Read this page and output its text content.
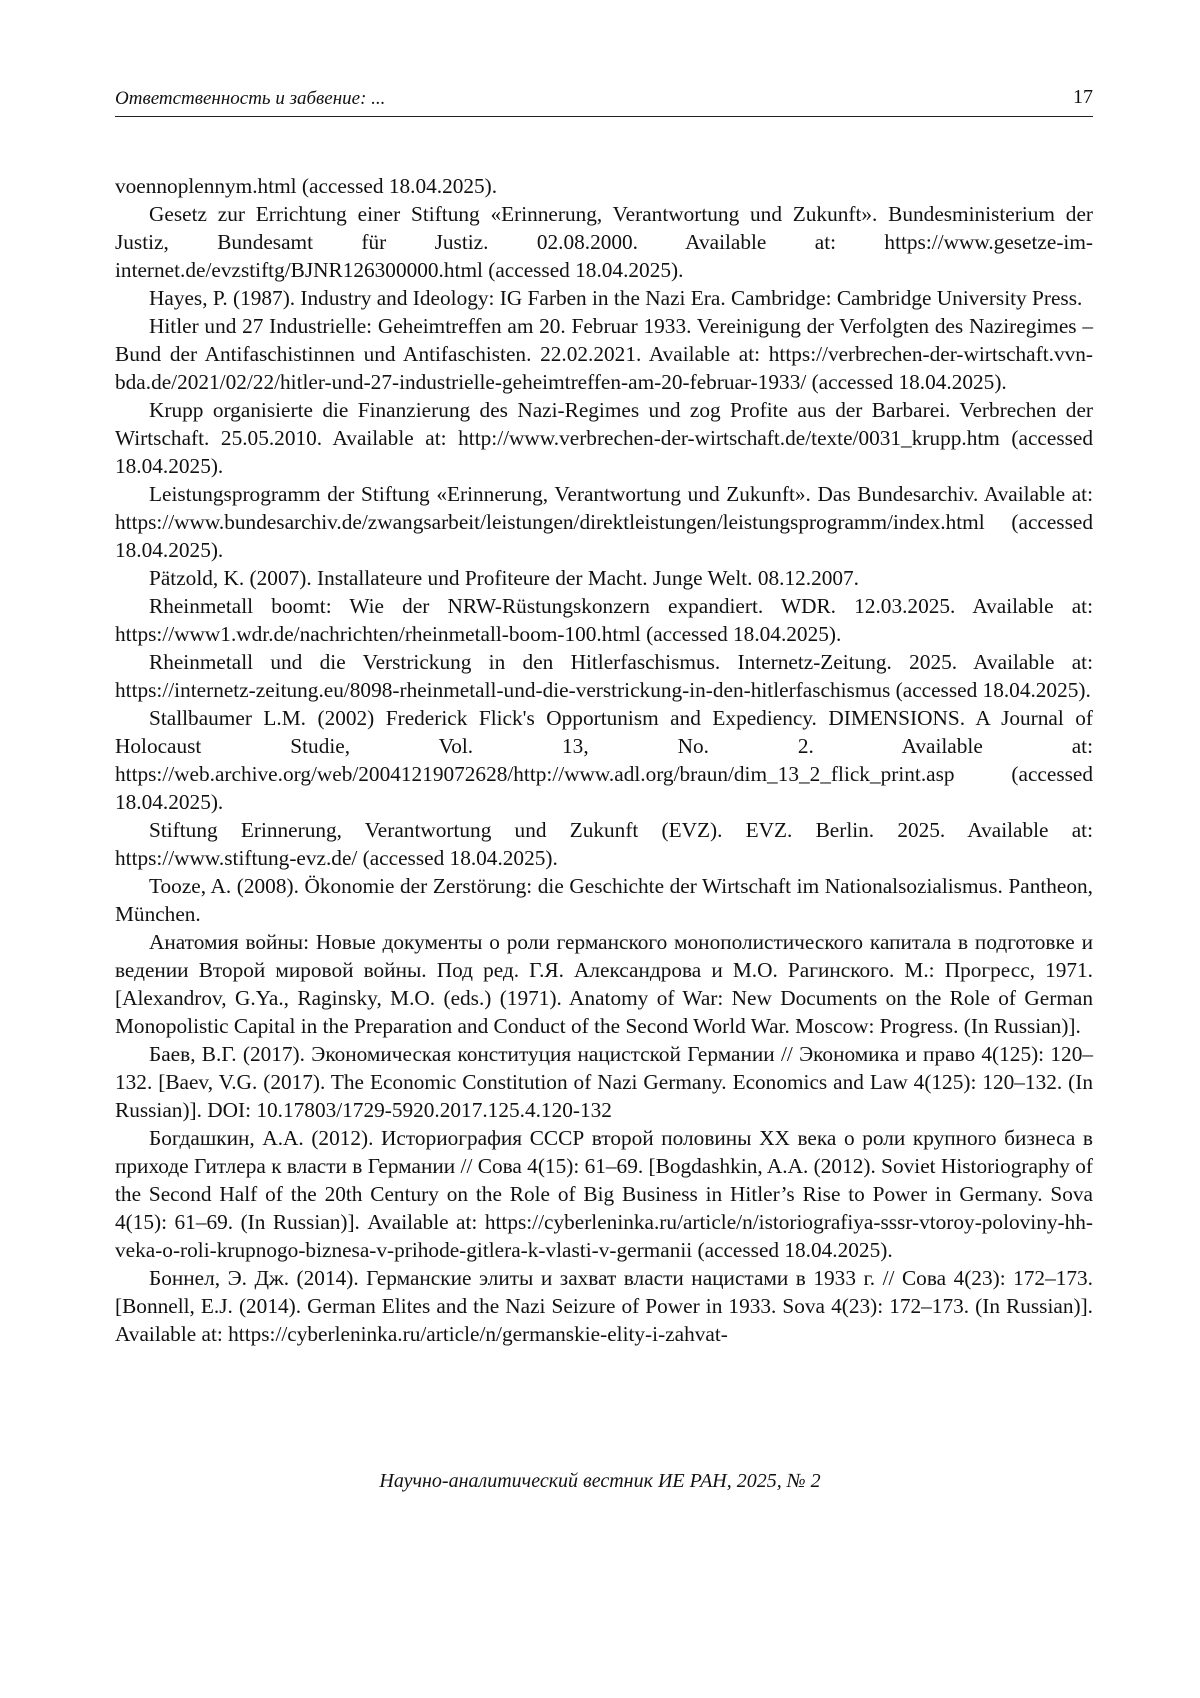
Ответственность и забвение: ...	17

voennoplennym.html (accessed 18.04.2025).

Gesetz zur Errichtung einer Stiftung «Erinnerung, Verantwortung und Zukunft». Bundesministerium der Justiz, Bundesamt für Justiz. 02.08.2000. Available at: https://www.gesetze-im-internet.de/evzstiftg/BJNR126300000.html (accessed 18.04.2025).

Hayes, P. (1987). Industry and Ideology: IG Farben in the Nazi Era. Cambridge: Cambridge University Press.

Hitler und 27 Industrielle: Geheimtreffen am 20. Februar 1933. Vereinigung der Verfolgten des Naziregimes – Bund der Antifaschistinnen und Antifaschisten. 22.02.2021. Available at: https://verbrechen-der-wirtschaft.vvn-bda.de/2021/02/22/hitler-und-27-industrielle-geheimtreffen-am-20-februar-1933/ (accessed 18.04.2025).

Krupp organisierte die Finanzierung des Nazi-Regimes und zog Profite aus der Barbarei. Verbrechen der Wirtschaft. 25.05.2010. Available at: http://www.verbrechen-der-wirtschaft.de/texte/0031_krupp.htm (accessed 18.04.2025).

Leistungsprogramm der Stiftung «Erinnerung, Verantwortung und Zukunft». Das Bundesarchiv. Available at: https://www.bundesarchiv.de/zwangsarbeit/leistungen/direktleistungen/leistungsprogramm/index.html (accessed 18.04.2025).

Pätzold, K. (2007). Installateure und Profiteure der Macht. Junge Welt. 08.12.2007.

Rheinmetall boomt: Wie der NRW-Rüstungskonzern expandiert. WDR. 12.03.2025. Available at: https://www1.wdr.de/nachrichten/rheinmetall-boom-100.html (accessed 18.04.2025).

Rheinmetall und die Verstrickung in den Hitlerfaschismus. Internetz-Zeitung. 2025. Available at: https://internetz-zeitung.eu/8098-rheinmetall-und-die-verstrickung-in-den-hitlerfaschismus (accessed 18.04.2025).

Stallbaumer L.M. (2002) Frederick Flick's Opportunism and Expediency. DIMENSIONS. A Journal of Holocaust Studie, Vol. 13, No. 2. Available at: https://web.archive.org/web/20041219072628/http://www.adl.org/braun/dim_13_2_flick_print.asp (accessed 18.04.2025).

Stiftung Erinnerung, Verantwortung und Zukunft (EVZ). EVZ. Berlin. 2025. Available at: https://www.stiftung-evz.de/ (accessed 18.04.2025).

Tooze, A. (2008). Ökonomie der Zerstörung: die Geschichte der Wirtschaft im Nationalsozialismus. Pantheon, München.

Анатомия войны: Новые документы о роли германского монополистического капитала в подготовке и ведении Второй мировой войны. Под ред. Г.Я. Александрова и М.О. Рагинского. М.: Прогресс, 1971. [Alexandrov, G.Ya., Raginsky, M.O. (eds.) (1971). Anatomy of War: New Documents on the Role of German Monopolistic Capital in the Preparation and Conduct of the Second World War. Moscow: Progress. (In Russian)].

Баев, В.Г. (2017). Экономическая конституция нацистской Германии // Экономика и право 4(125): 120–132. [Baev, V.G. (2017). The Economic Constitution of Nazi Germany. Economics and Law 4(125): 120–132. (In Russian)]. DOI: 10.17803/1729-5920.2017.125.4.120-132

Богдашкин, А.А. (2012). Историография СССР второй половины XX века о роли крупного бизнеса в приходе Гитлера к власти в Германии // Сова 4(15): 61–69. [Bogdashkin, A.A. (2012). Soviet Historiography of the Second Half of the 20th Century on the Role of Big Business in Hitler’s Rise to Power in Germany. Sova 4(15): 61–69. (In Russian)]. Available at: https://cyberleninka.ru/article/n/istoriografiya-sssr-vtoroy-poloviny-hh-veka-o-roli-krupnogo-biznesa-v-prihode-gitlera-k-vlasti-v-germanii (accessed 18.04.2025).

Боннел, Э. Дж. (2014). Германские элиты и захват власти нацистами в 1933 г. // Сова 4(23): 172–173. [Bonnell, E.J. (2014). German Elites and the Nazi Seizure of Power in 1933. Sova 4(23): 172–173. (In Russian)]. Available at: https://cyberleninka.ru/article/n/germanskie-elity-i-zahvat-

Научно-аналитический вестник ИЕ РАН, 2025, № 2
